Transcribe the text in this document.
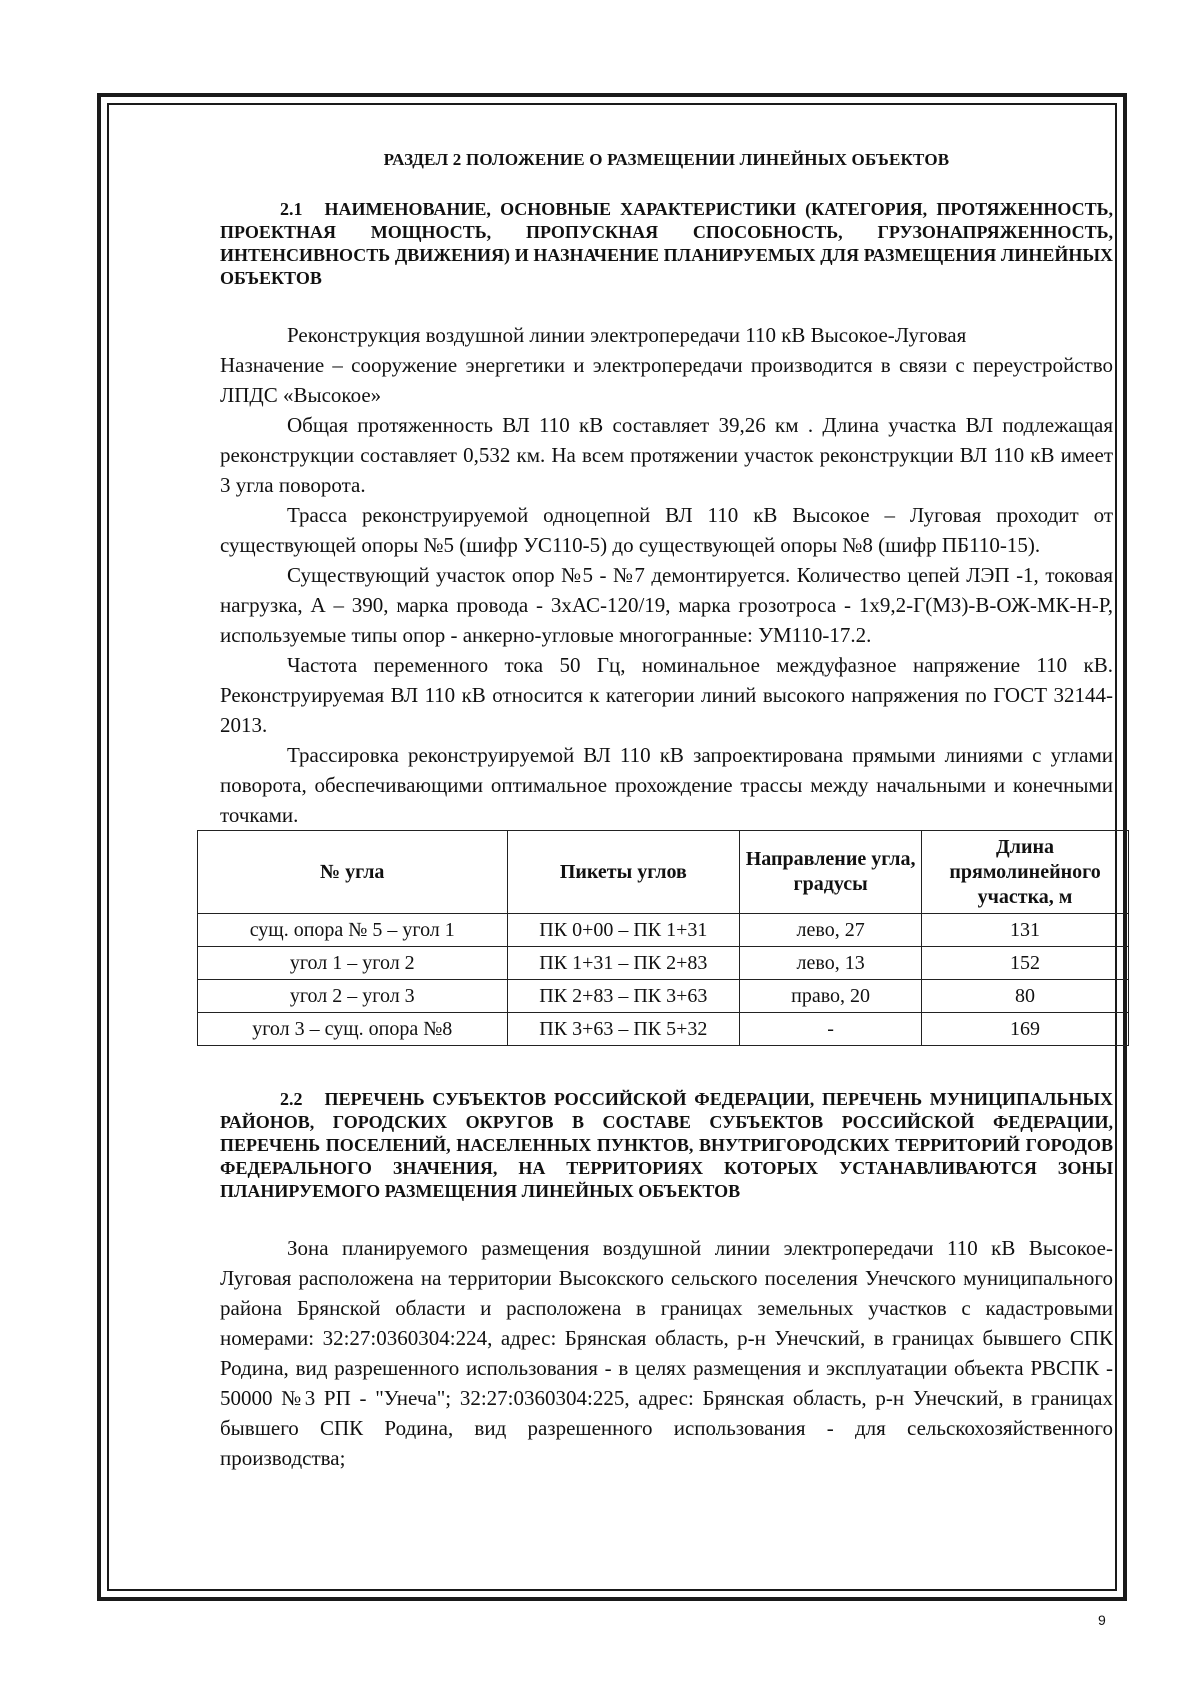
РАЗДЕЛ 2 ПОЛОЖЕНИЕ О РАЗМЕЩЕНИИ ЛИНЕЙНЫХ ОБЪЕКТОВ

2.1 НАИМЕНОВАНИЕ, ОСНОВНЫЕ ХАРАКТЕРИСТИКИ (КАТЕГОРИЯ, ПРОТЯЖЕННОСТЬ, ПРОЕКТНАЯ МОЩНОСТЬ, ПРОПУСКНАЯ СПОСОБНОСТЬ, ГРУЗОНАПРЯЖЕННОСТЬ, ИНТЕНСИВНОСТЬ ДВИЖЕНИЯ) И НАЗНАЧЕНИЕ ПЛАНИРУЕМЫХ ДЛЯ РАЗМЕЩЕНИЯ ЛИНЕЙНЫХ ОБЪЕКТОВ

Реконструкция воздушной линии электропередачи 110 кВ Высокое-Луговая

Назначение – сооружение энергетики и электропередачи производится в связи с переустройство ЛПДС «Высокое»

Общая протяженность ВЛ 110 кВ составляет 39,26 км . Длина участка ВЛ подлежащая реконструкции составляет 0,532 км. На всем протяжении участок реконструкции ВЛ 110 кВ имеет 3 угла поворота.

Трасса реконструируемой одноцепной ВЛ 110 кВ Высокое – Луговая проходит от существующей опоры №5 (шифр УС110-5) до существующей опоры №8 (шифр ПБ110-15).

Существующий участок опор №5 - №7 демонтируется. Количество цепей ЛЭП -1, токовая нагрузка, А – 390, марка провода - 3хАС-120/19, марка грозотроса - 1х9,2-Г(МЗ)-В-ОЖ-МК-Н-Р, используемые типы опор - анкерно-угловые многогранные: УМ110-17.2.

Частота переменного тока 50 Гц, номинальное междуфазное напряжение 110 кВ. Реконструируемая ВЛ 110 кВ относится к категории линий высокого напряжения по ГОСТ 32144-2013.

Трассировка реконструируемой ВЛ 110 кВ запроектирована прямыми линиями с углами поворота, обеспечивающими оптимальное прохождение трассы между начальными и конечными точками.

№ угла	Пикеты углов	Направление угла, градусы	Длина прямолинейного участка, м
сущ. опора № 5 – угол 1	ПК 0+00 – ПК 1+31	лево, 27	131
угол 1 – угол 2	ПК 1+31 – ПК 2+83	лево, 13	152
угол 2 – угол 3	ПК 2+83 – ПК 3+63	право, 20	80
угол 3 – сущ. опора №8	ПК 3+63 – ПК 5+32	-	169

2.2 ПЕРЕЧЕНЬ СУБЪЕКТОВ РОССИЙСКОЙ ФЕДЕРАЦИИ, ПЕРЕЧЕНЬ МУНИЦИПАЛЬНЫХ РАЙОНОВ, ГОРОДСКИХ ОКРУГОВ В СОСТАВЕ СУБЪЕКТОВ РОССИЙСКОЙ ФЕДЕРАЦИИ, ПЕРЕЧЕНЬ ПОСЕЛЕНИЙ, НАСЕЛЕННЫХ ПУНКТОВ, ВНУТРИГОРОДСКИХ ТЕРРИТОРИЙ ГОРОДОВ ФЕДЕРАЛЬНОГО ЗНАЧЕНИЯ, НА ТЕРРИТОРИЯХ КОТОРЫХ УСТАНАВЛИВАЮТСЯ ЗОНЫ ПЛАНИРУЕМОГО РАЗМЕЩЕНИЯ ЛИНЕЙНЫХ ОБЪЕКТОВ

Зона планируемого размещения воздушной линии электропередачи 110 кВ Высокое-Луговая расположена на территории Высокского сельского поселения Унечского муниципального района Брянской области и расположена в границах земельных участков с кадастровыми номерами: 32:27:0360304:224, адрес: Брянская область, р-н Унечский, в границах бывшего СПК Родина, вид разрешенного использования - в целях размещения и эксплуатации объекта РВСПК - 50000 №3 РП - "Унеча"; 32:27:0360304:225, адрес: Брянская область, р-н Унечский, в границах бывшего СПК Родина, вид разрешенного использования - для сельскохозяйственного производства;

9
